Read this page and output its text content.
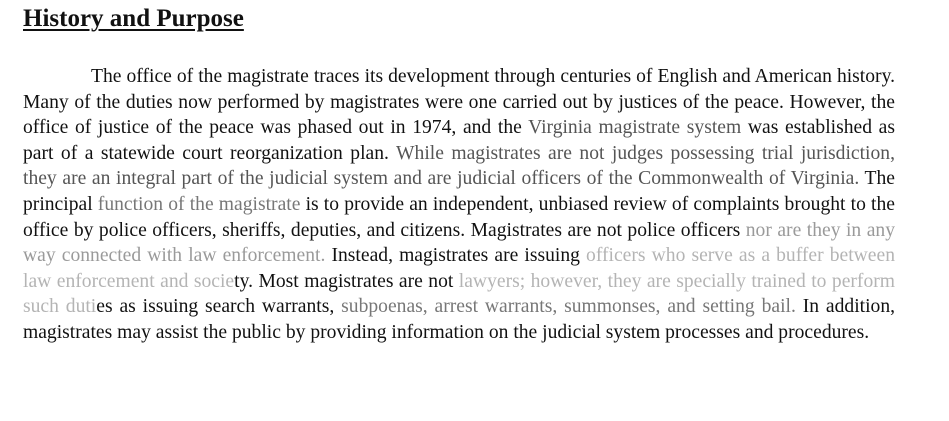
History and Purpose

The office of the magistrate traces its development through centuries of English and American history. Many of the duties now performed by magistrates were one carried out by justices of the peace. However, the office of justice of the peace was phased out in 1974, and the Virginia magistrate system was established as part of a statewide court reorganization plan. While magistrates are not judges possessing trial jurisdiction, they are an integral part of the judicial system and are judicial officers of the Commonwealth of Virginia. The principal function of the magistrate is to provide an independent, unbiased review of complaints brought to the office by police officers, sheriffs, deputies, and citizens. Magistrates are not police officers nor are they in any way connected with law enforcement. Instead, magistrates are issuing officers who serve as a buffer between law enforcement and society. Most magistrates are not lawyers; however, they are specially trained to perform such duties as issuing search warrants, subpoenas, arrest warrants, summonses, and setting bail. In addition, magistrates may assist the public by providing information on the judicial system processes and procedures.
